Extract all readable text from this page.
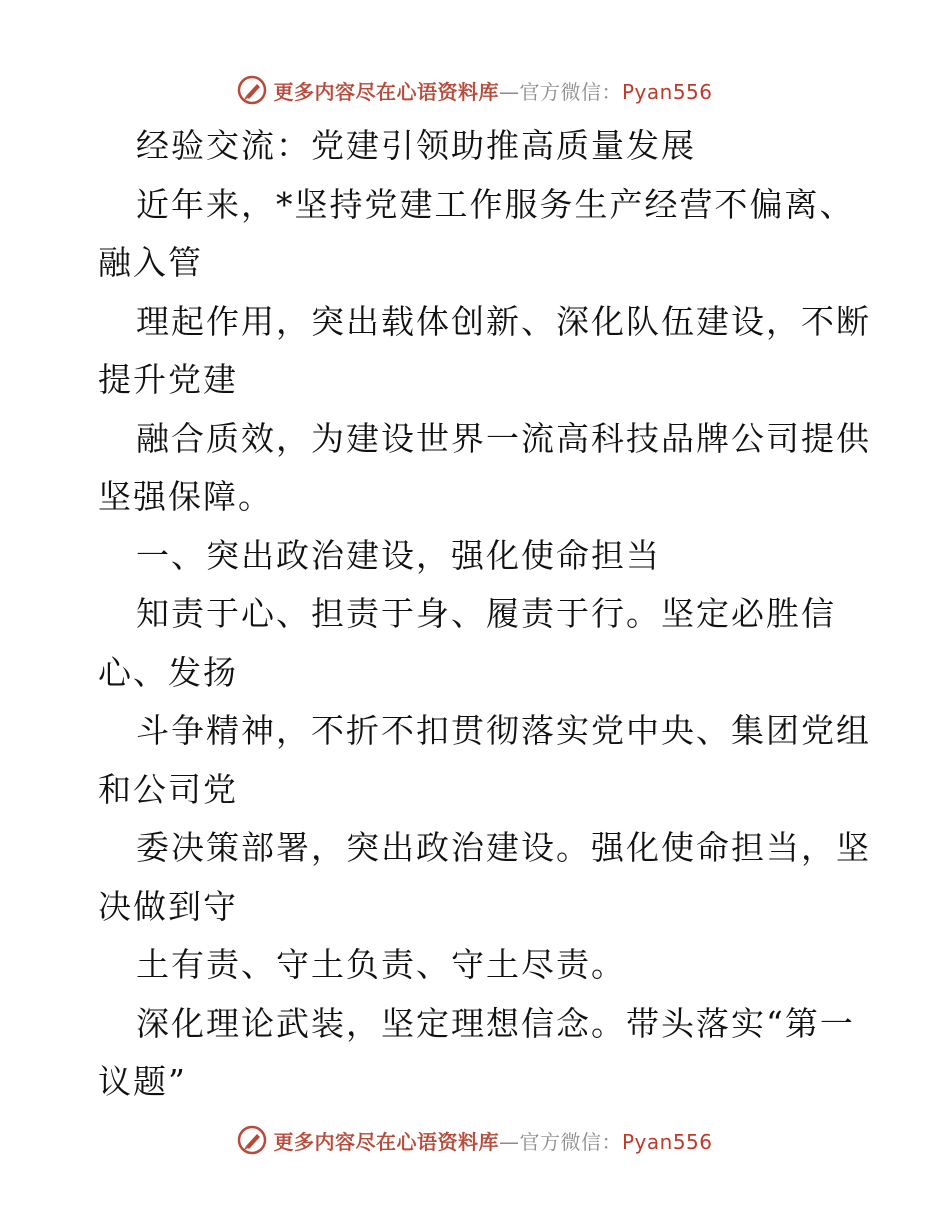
更多内容尽在心语资料库—官方微信：Pyan556
经验交流：党建引领助推高质量发展
近年来，*坚持党建工作服务生产经营不偏离、
融入管
理起作用，突出载体创新、深化队伍建设，不断
提升党建
融合质效，为建设世界一流高科技品牌公司提供
坚强保障。
一、突出政治建设，强化使命担当
知责于心、担责于身、履责于行。坚定必胜信
心、发扬
斗争精神，不折不扣贯彻落实党中央、集团党组
和公司党
委决策部署，突出政治建设。强化使命担当，坚
决做到守
土有责、守土负责、守土尽责。
深化理论武装，坚定理想信念。带头落实“第一
议题”
更多内容尽在心语资料库—官方微信：Pyan556
